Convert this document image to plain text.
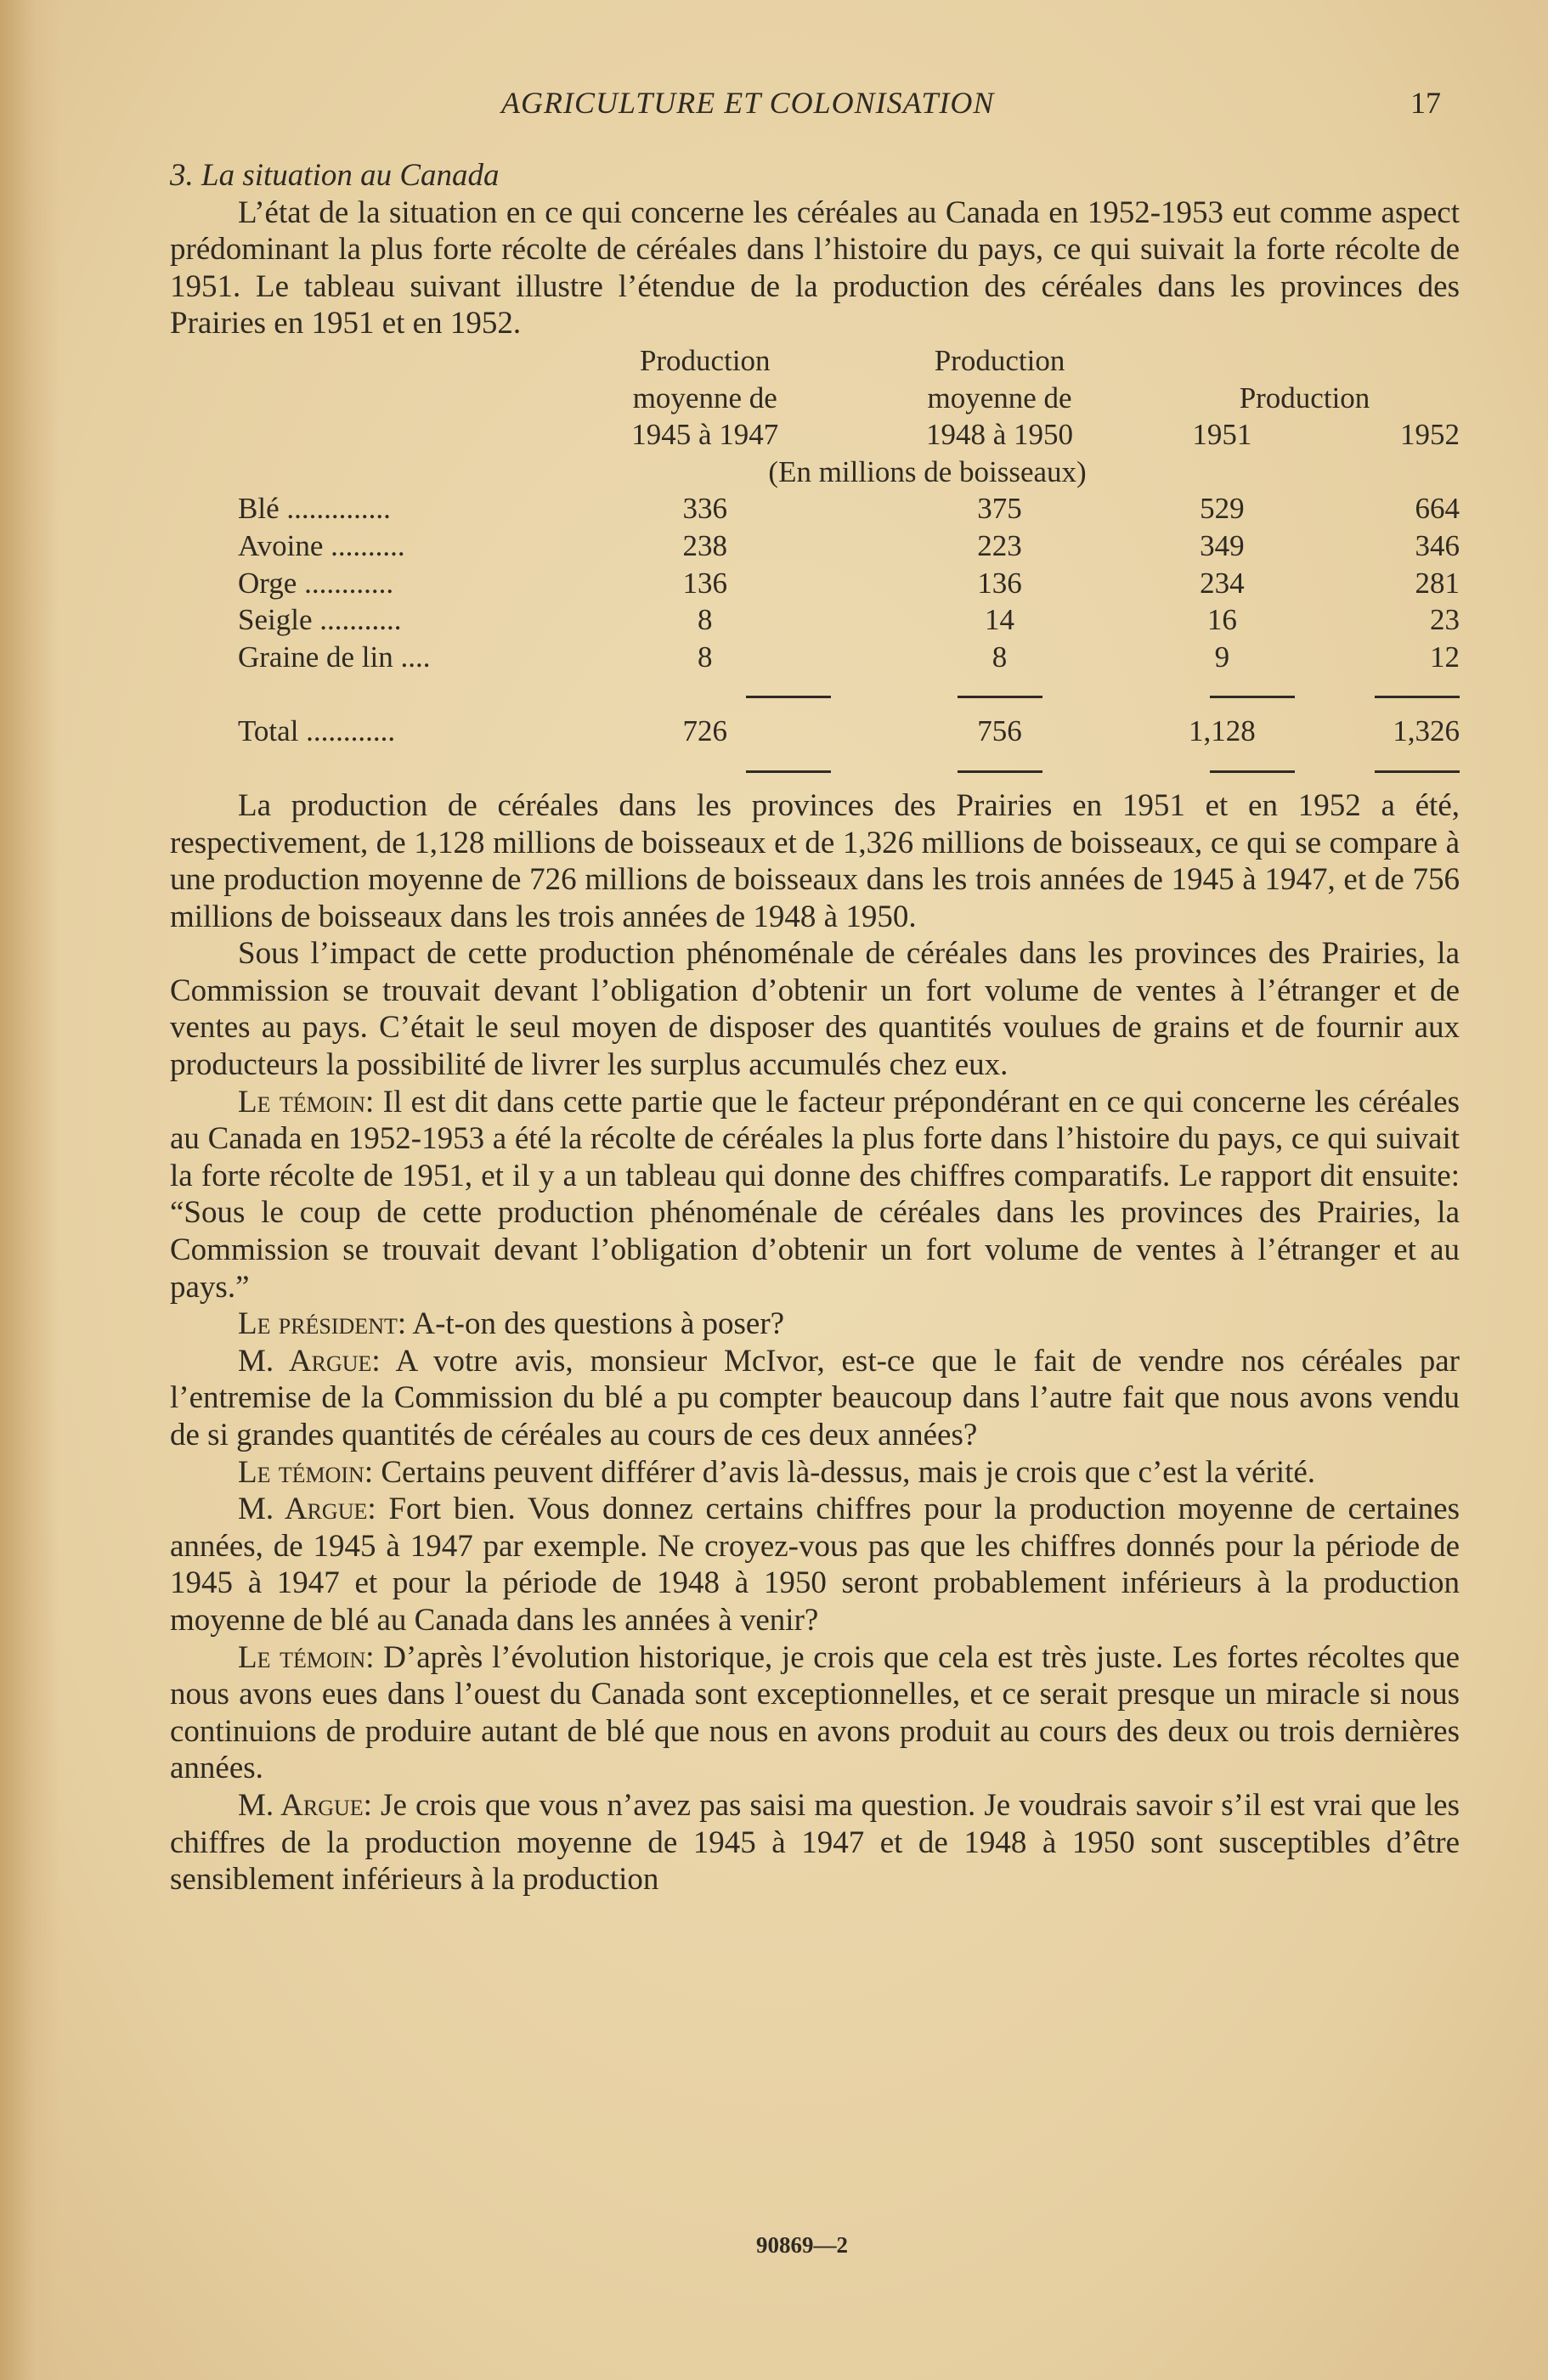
AGRICULTURE ET COLONISATION	17
3. La situation au Canada

L’état de la situation en ce qui concerne les céréales au Canada en 1952-1953 eut comme aspect prédominant la plus forte récolte de céréales dans l’histoire du pays, ce qui suivait la forte récolte de 1951. Le tableau suivant illustre l’étendue de la production des céréales dans les provinces des Prairies en 1951 et en 1952.

	Production	Production		
	moyenne de	moyenne de	Production	
	1945 à 1947	1948 à 1950	1951	1952
	(En millions de boisseaux)			
Blé ..............	336	375	529	664
Avoine ..........	238	223	349	346
Orge ............	136	136	234	281
Seigle ...........	8	14	16	23
Graine de lin ....	8	8	9	12

Total ............	726	756	1,128	1,326

La production de céréales dans les provinces des Prairies en 1951 et en 1952 a été, respectivement, de 1,128 millions de boisseaux et de 1,326 millions de boisseaux, ce qui se compare à une production moyenne de 726 millions de boisseaux dans les trois années de 1945 à 1947, et de 756 millions de boisseaux dans les trois années de 1948 à 1950.

Sous l’impact de cette production phénoménale de céréales dans les provinces des Prairies, la Commission se trouvait devant l’obligation d’obtenir un fort volume de ventes à l’étranger et de ventes au pays. C’était le seul moyen de disposer des quantités voulues de grains et de fournir aux producteurs la possibilité de livrer les surplus accumulés chez eux.

Le témoin: Il est dit dans cette partie que le facteur prépondérant en ce qui concerne les céréales au Canada en 1952-1953 a été la récolte de céréales la plus forte dans l’histoire du pays, ce qui suivait la forte récolte de 1951, et il y a un tableau qui donne des chiffres comparatifs. Le rapport dit ensuite: “Sous le coup de cette production phénoménale de céréales dans les provinces des Prairies, la Commission se trouvait devant l’obligation d’obtenir un fort volume de ventes à l’étranger et au pays.”

Le président: A-t-on des questions à poser?

M. Argue: A votre avis, monsieur McIvor, est-ce que le fait de vendre nos céréales par l’entremise de la Commission du blé a pu compter beaucoup dans l’autre fait que nous avons vendu de si grandes quantités de céréales au cours de ces deux années?

Le témoin: Certains peuvent différer d’avis là-dessus, mais je crois que c’est la vérité.

M. Argue: Fort bien. Vous donnez certains chiffres pour la production moyenne de certaines années, de 1945 à 1947 par exemple. Ne croyez-vous pas que les chiffres donnés pour la période de 1945 à 1947 et pour la période de 1948 à 1950 seront probablement inférieurs à la production moyenne de blé au Canada dans les années à venir?

Le témoin: D’après l’évolution historique, je crois que cela est très juste. Les fortes récoltes que nous avons eues dans l’ouest du Canada sont exceptionnelles, et ce serait presque un miracle si nous continuions de produire autant de blé que nous en avons produit au cours des deux ou trois dernières années.

M. Argue: Je crois que vous n’avez pas saisi ma question. Je voudrais savoir s’il est vrai que les chiffres de la production moyenne de 1945 à 1947 et de 1948 à 1950 sont susceptibles d’être sensiblement inférieurs à la production

90869—2
